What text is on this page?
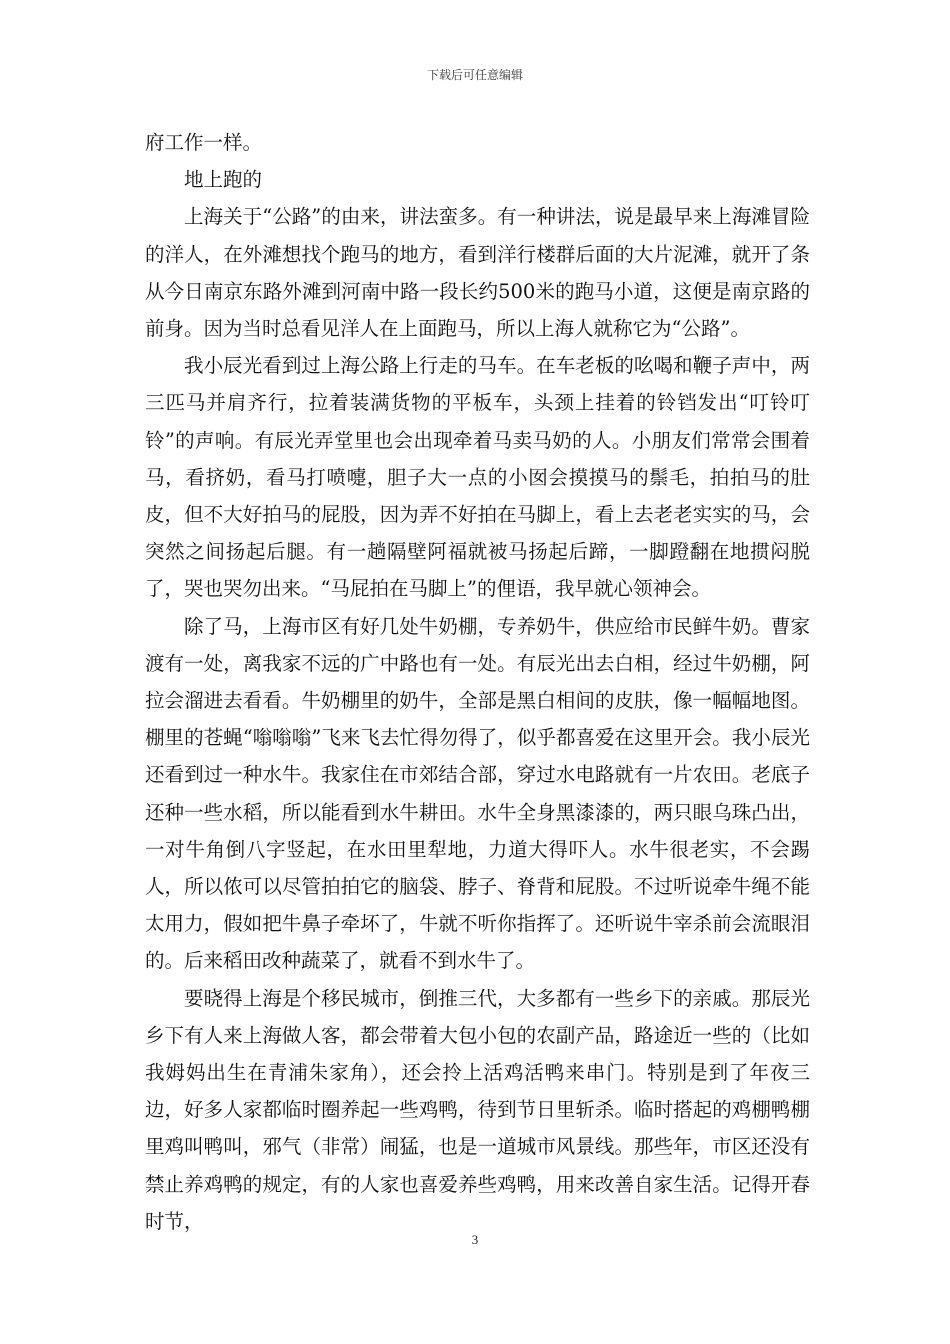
下载后可任意编辑

府工作一样。

地上跑的

上海关于“公路”的由来，讲法蛮多。有一种讲法，说是最早来上海滩冒险的洋人，在外滩想找个跑马的地方，看到洋行楼群后面的大片泥滩，就开了条从今日南京东路外滩到河南中路一段长约500米的跑马小道，这便是南京路的前身。因为当时总看见洋人在上面跑马，所以上海人就称它为“公路”。

我小辰光看到过上海公路上行走的马车。在车老板的吆喝和鞭子声中，两三匹马并肩齐行，拉着装满货物的平板车，头颈上挂着的铃铛发出“叮铃叮铃”的声响。有辰光弄堂里也会出现牵着马卖马奶的人。小朋友们常常会围着马，看挤奶，看马打喷嚏，胆子大一点的小囡会摸摸马的鬃毛，拍拍马的肚皮，但不大好拍马的屁股，因为弄不好拍在马脚上，看上去老老实实的马，会突然之间扬起后腿。有一趟隔壁阿福就被马扬起后蹄，一脚蹬翻在地掼闷脱了，哭也哭勿出来。“马屁拍在马脚上”的俚语，我早就心领神会。

除了马，上海市区有好几处牛奶棚，专养奶牛，供应给市民鲜牛奶。曹家渡有一处，离我家不远的广中路也有一处。有辰光出去白相，经过牛奶棚，阿拉会溜进去看看。牛奶棚里的奶牛，全部是黑白相间的皮肤，像一幅幅地图。棚里的苍蝇“嗡嗡嗡”飞来飞去忙得勿得了，似乎都喜爱在这里开会。我小辰光还看到过一种水牛。我家住在市郊结合部，穿过水电路就有一片农田。老底子还种一些水稻，所以能看到水牛耕田。水牛全身黑漆漆的，两只眼乌珠凸出，一对牛角倒八字竖起，在水田里犁地，力道大得吓人。水牛很老实，不会踢人，所以侬可以尽管拍拍它的脑袋、脖子、脊背和屁股。不过听说牵牛绳不能太用力，假如把牛鼻子牵坏了，牛就不听你指挥了。还听说牛宰杀前会流眼泪的。后来稻田改种蔬菜了，就看不到水牛了。

要晓得上海是个移民城市，倒推三代，大多都有一些乡下的亲戚。那辰光乡下有人来上海做人客，都会带着大包小包的农副产品，路途近一些的（比如我姆妈出生在青浦朱家角），还会拎上活鸡活鸭来串门。特别是到了年夜三边，好多人家都临时圈养起一些鸡鸭，待到节日里斩杀。临时搭起的鸡棚鸭棚里鸡叫鸭叫，邪气（非常）闹猛，也是一道城市风景线。那些年，市区还没有禁止养鸡鸭的规定，有的人家也喜爱养些鸡鸭，用来改善自家生活。记得开春时节，

3
